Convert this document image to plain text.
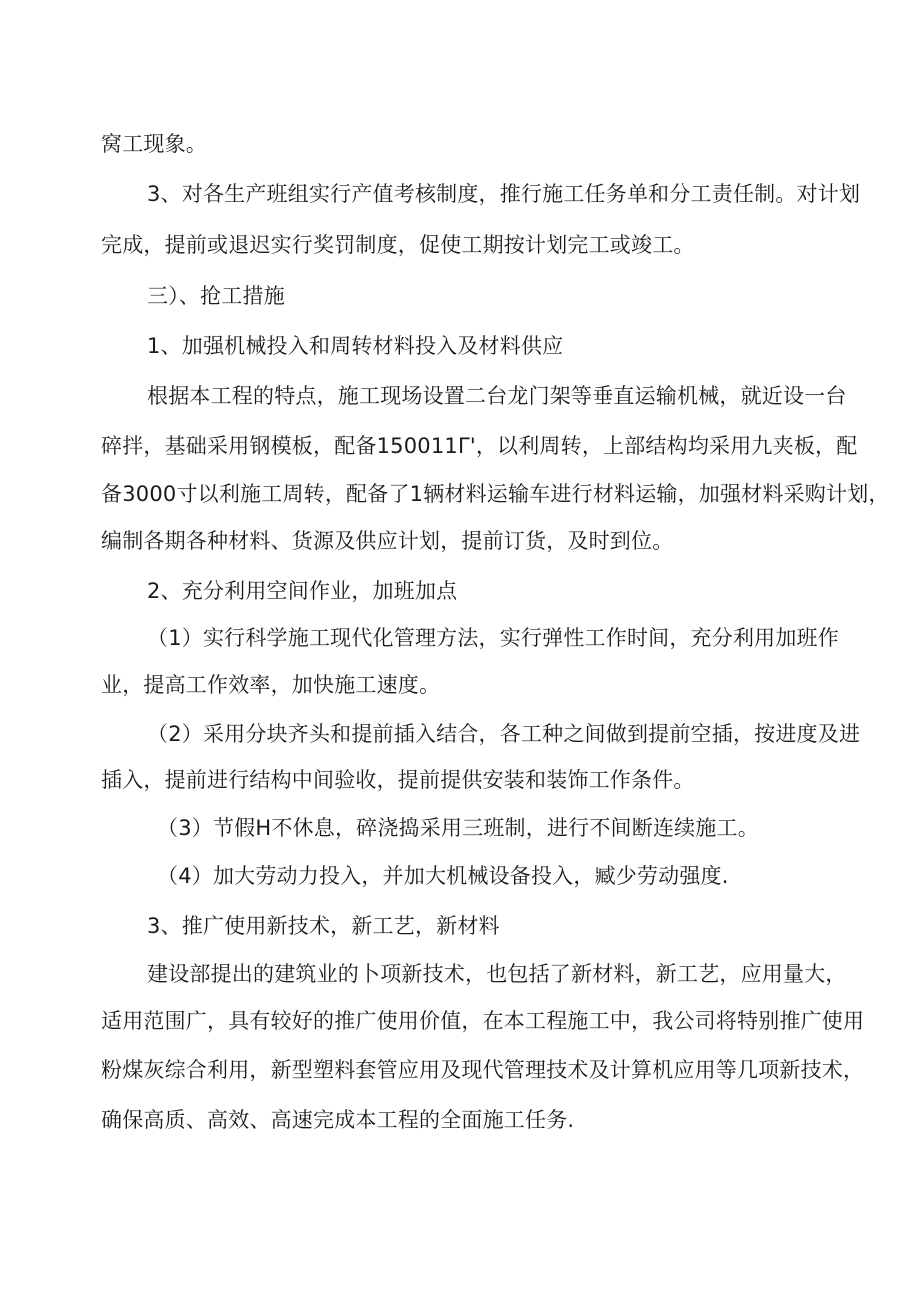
窝工现象。
3、对各生产班组实行产值考核制度，推行施工任务单和分工责任制。对计划
完成，提前或退迟实行奖罚制度，促使工期按计划完工或竣工。
三）、抢工措施
1、加强机械投入和周转材料投入及材料供应
根据本工程的特点，施工现场设置二台龙门架等垂直运输机械，就近设一台
碎拌，基础采用钢模板，配备150011Γ'，以利周转，上部结构均采用九夹板，配
备3000寸以利施工周转，配备了1辆材料运输车进行材料运输，加强材料采购计划，
编制各期各种材料、货源及供应计划，提前订货，及时到位。
2、充分利用空间作业，加班加点
（1）实行科学施工现代化管理方法，实行弹性工作时间，充分利用加班作
业，提高工作效率，加快施工速度。
（2）采用分块齐头和提前插入结合，各工种之间做到提前空插，按进度及进
插入，提前进行结构中间验收，提前提供安装和装饰工作条件。
（3）节假H不休息，碎浇捣采用三班制，进行不间断连续施工。
（4）加大劳动力投入，并加大机械设备投入，臧少劳动强度.
3、推广使用新技术，新工艺，新材料
建设部提出的建筑业的卜项新技术，也包括了新材料，新工艺，应用量大，
适用范围广，具有较好的推广使用价值，在本工程施工中，我公司将特别推广使用
粉煤灰综合利用，新型塑料套管应用及现代管理技术及计算机应用等几项新技术，
确保高质、高效、高速完成本工程的全面施工任务.
